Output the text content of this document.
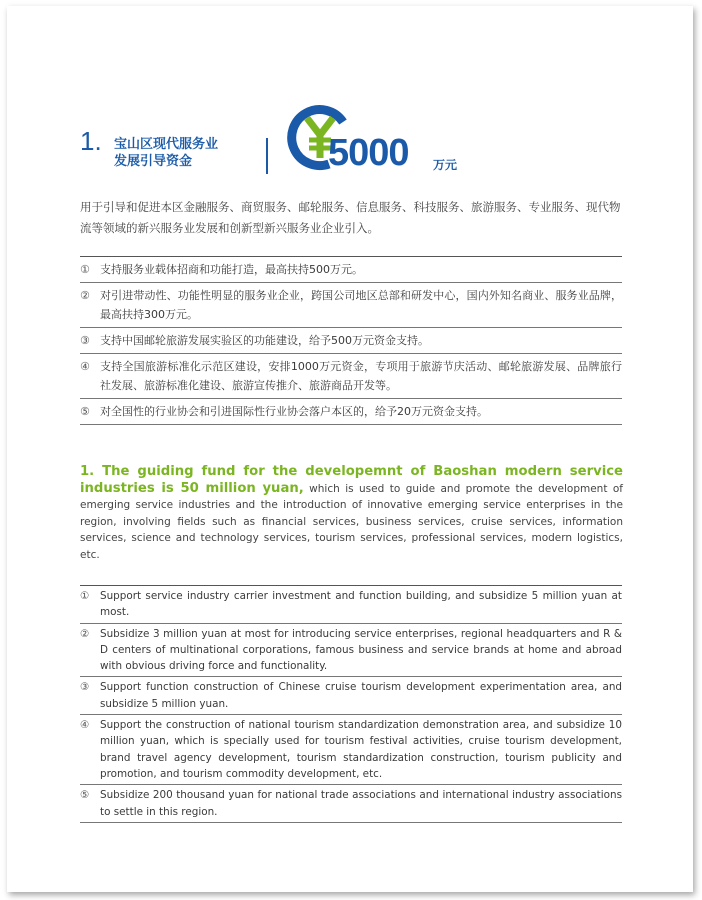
1. 宝山区现代服务业
发展引导资金	5000 万元
用于引导和促进本区金融服务、商贸服务、邮轮服务、信息服务、科技服务、旅游服务、专业服务、现代物流等领域的新兴服务业发展和创新型新兴服务业企业引入。
① 支持服务业载体招商和功能打造，最高扶持500万元。
② 对引进带动性、功能性明显的服务业企业，跨国公司地区总部和研发中心，国内外知名商业、服务业品牌，最高扶持300万元。
③ 支持中国邮轮旅游发展实验区的功能建设，给予500万元资金支持。
④ 支持全国旅游标准化示范区建设，安排1000万元资金，专项用于旅游节庆活动、邮轮旅游发展、品牌旅行社发展、旅游标准化建设、旅游宣传推介、旅游商品开发等。
⑤ 对全国性的行业协会和引进国际性行业协会落户本区的，给予20万元资金支持。
1. The guiding fund for the developemnt of Baoshan modern service industries is 50 million yuan, which is used to guide and promote the development of emerging service industries and the introduction of innovative emerging service enterprises in the region, involving fields such as financial services, business services, cruise services, information services, science and technology services, tourism services, professional services, modern logistics, etc.
①	Support service industry carrier investment and function building, and subsidize 5 million yuan at most.
②	Subsidize 3 million yuan at most for introducing service enterprises, regional headquarters and R & D centers of multinational corporations, famous business and service brands at home and abroad with obvious driving force and functionality.
③	Support function construction of Chinese cruise tourism development experimentation area, and subsidize 5 million yuan.
④	Support the construction of national tourism standardization demonstration area, and subsidize 10 million yuan, which is specially used for tourism festival activities, cruise tourism development, brand travel agency development, tourism standardization construction, tourism publicity and promotion, and tourism commodity development, etc.
⑤	Subsidize 200 thousand yuan for national trade associations and international industry associations to settle in this region.
